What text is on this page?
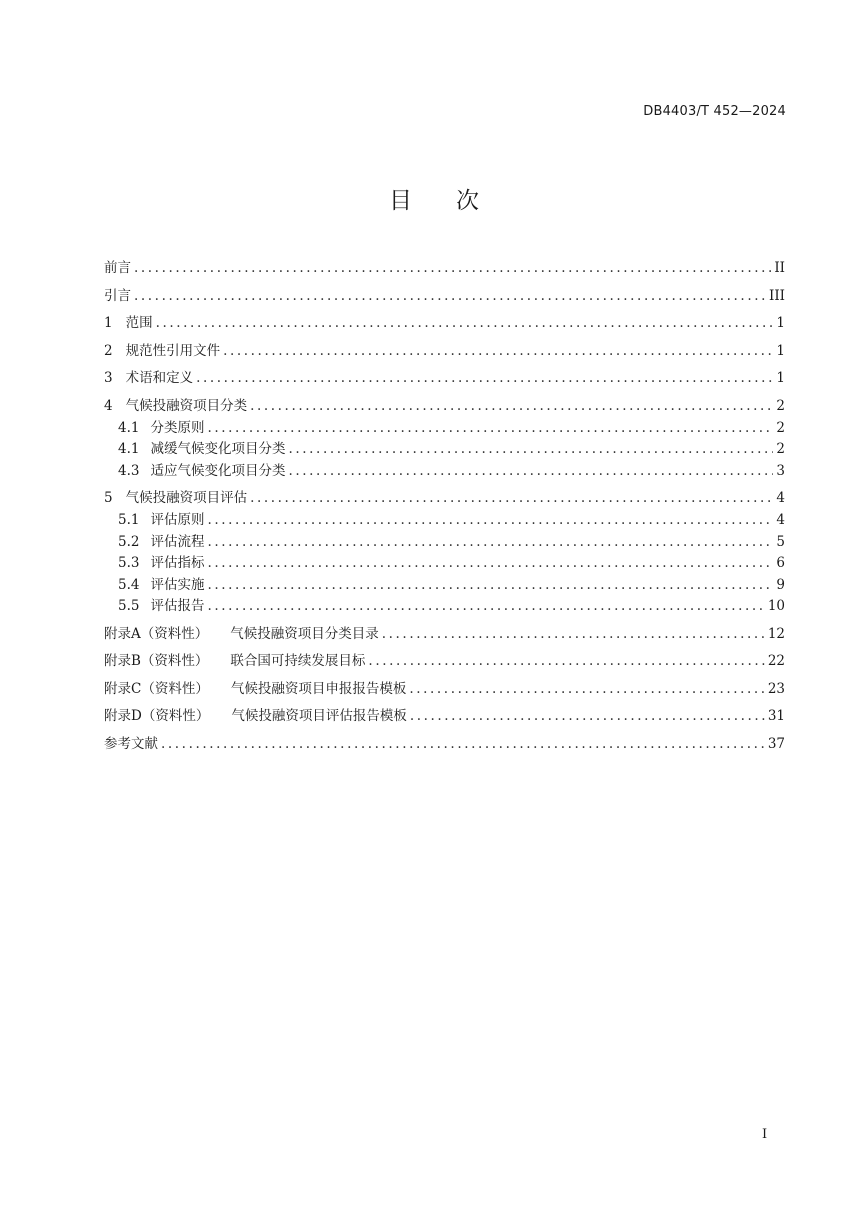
DB4403/T 452—2024
目 次
前言 .....	II
引言 .....	III
1 范围 .....	1
2 规范性引用文件 .....	1
3 术语和定义 .....	1
4 气候投融资项目分类 .....	2
4.1 分类原则 .....	2
4.1 减缓气候变化项目分类 .....	2
4.3 适应气候变化项目分类 .....	3
5 气候投融资项目评估 .....	4
5.1 评估原则 .....	4
5.2 评估流程 .....	5
5.3 评估指标 .....	6
5.4 评估实施 .....	9
5.5 评估报告 .....	10
附录A（资料性） 气候投融资项目分类目录 .....	12
附录B（资料性） 联合国可持续发展目标 .....	22
附录C（资料性） 气候投融资项目申报报告模板 .....	23
附录D（资料性） 气候投融资项目评估报告模板 .....	31
参考文献 .....	37
I
